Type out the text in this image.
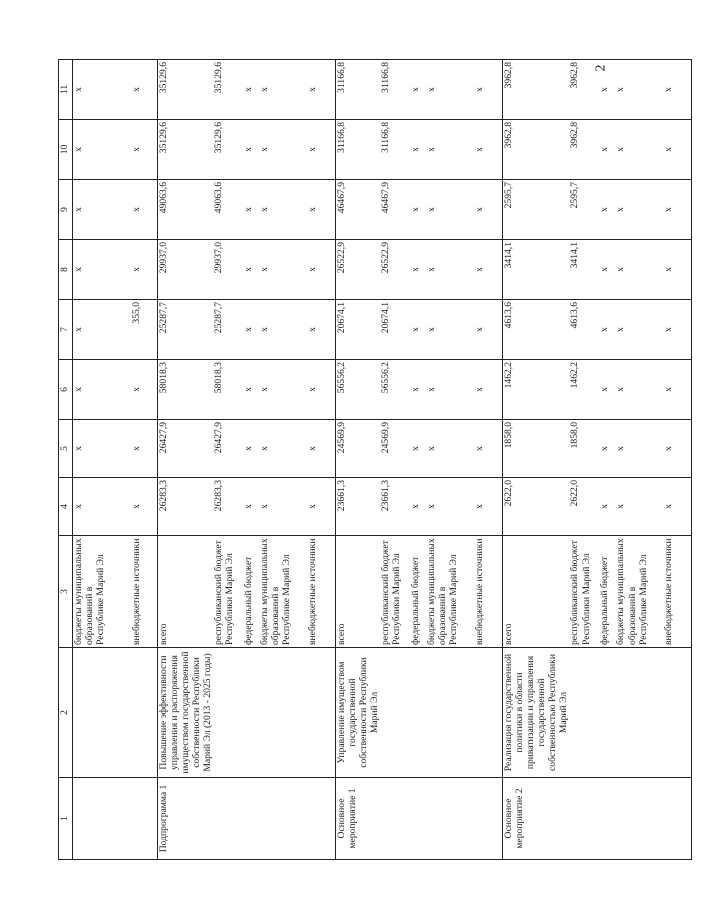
2
1	2	3	4	5	6	7	8	9	10	11
		бюджеты муниципальных образований в Республике Марий Эл	x	x	x	x	x	x	x	x
		внебюджетные источники	x	x	x	355,0	x	x	x	x
Подпрограмма 1	Повышение эффективности управления и распоряжения имуществом государственной собственности Республики Марий Эл (2013 - 2025 годы)	всего	26283,3	26427,9	58018,3	25287,7	29937,0	49063,6	35129,6	35129,6
		республиканский бюджет Республики Марий Эл	26283,3	26427,9	58018,3	25287,7	29937,0	49063,6	35129,6	35129,6
		федеральный бюджет	x	x	x	x	x	x	x	x
		бюджеты муниципальных образований в Республике Марий Эл	x	x	x	x	x	x	x	x
		внебюджетные источники	x	x	x	x	x	x	x	x
Основное мероприятие 1	Управление имуществом государственной собственности Республики Марий Эл	всего	23661,3	24569,9	56556,2	20674,1	26522,9	46467,9	31166,8	31166,8
		республиканский бюджет Республики Марий Эл	23661,3	24569,9	56556,2	20674,1	26522,9	46467,9	31166,8	31166,8
		федеральный бюджет	x	x	x	x	x	x	x	x
		бюджеты муниципальных образований в Республике Марий Эл	x	x	x	x	x	x	x	x
		внебюджетные источники	x	x	x	x	x	x	x	x
Основное мероприятие 2	Реализация государственной политики в области приватизации и управления государственной собственностью Республики Марий Эл	всего	2622,0	1858,0	1462,2	4613,6	3414,1	2595,7	3962,8	3962,8
		республиканский бюджет Республики Марий Эл	2622,0	1858,0	1462,2	4613,6	3414,1	2595,7	3962,8	3962,8
		федеральный бюджет	x	x	x	x	x	x	x	x
		бюджеты муниципальных образований в Республике Марий Эл	x	x	x	x	x	x	x	x
		внебюджетные источники	x	x	x	x	x	x	x	x
